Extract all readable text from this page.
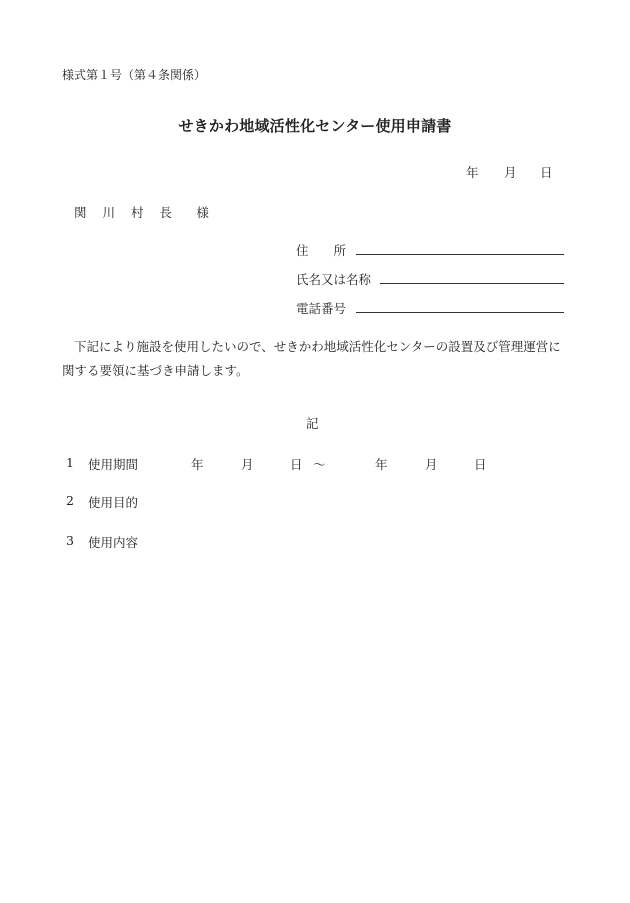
様式第１号（第４条関係）
せきかわ地域活性化センター使用申請書
年 月 日
関 川 村 長　様
住　　所
氏名又は名称
電話番号
下記により施設を使用したいので、せきかわ地域活性化センターの設置及び管理運営に関する要領に基づき申請します。
記
1 使用期間	年	月	日 ～	年	月	日
2 使用目的
3 使用内容
